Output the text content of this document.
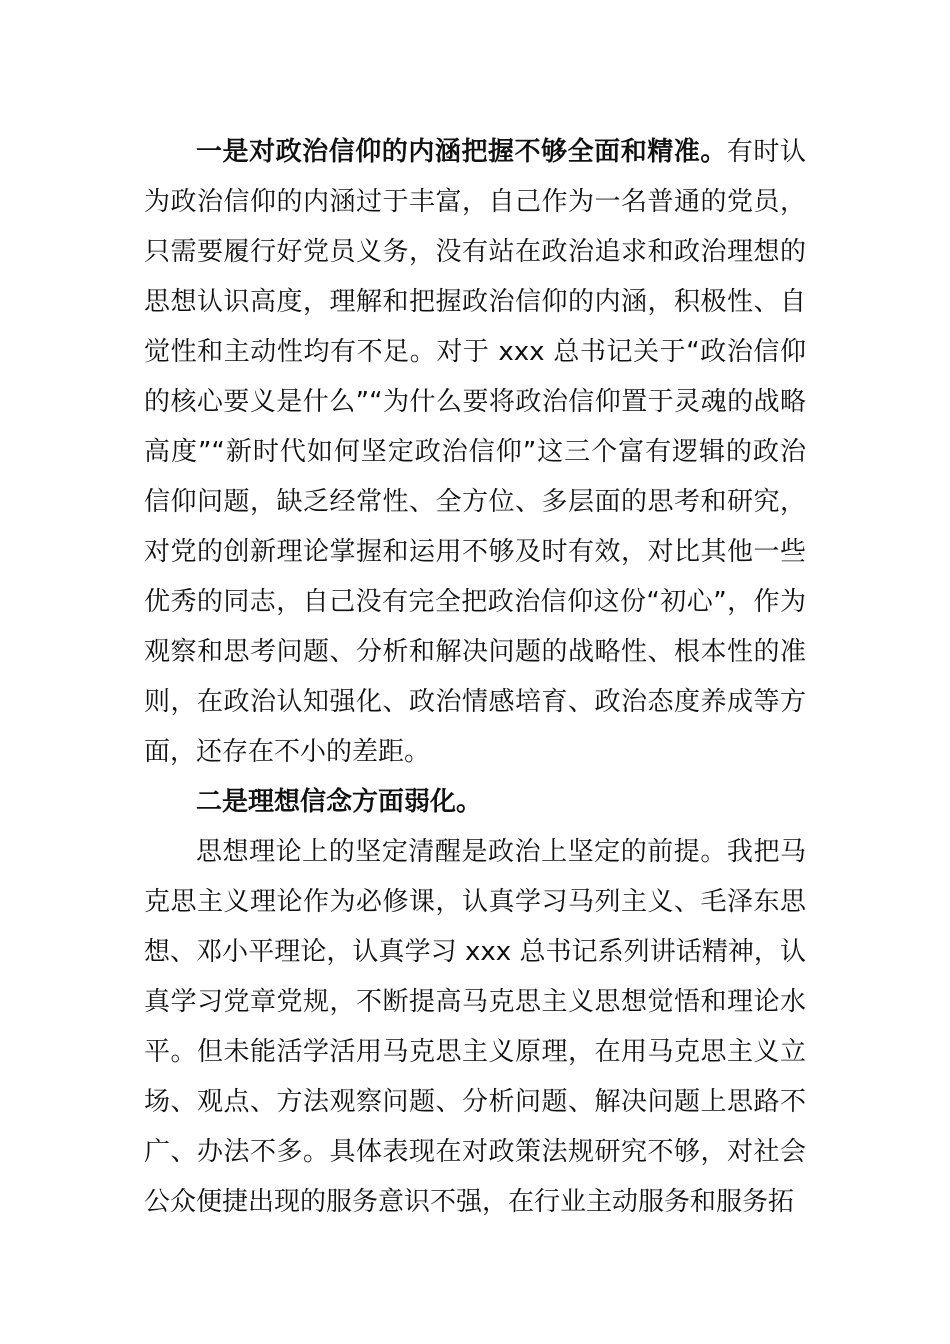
一是对政治信仰的内涵把握不够全面和精准。有时认为政治信仰的内涵过于丰富，自己作为一名普通的党员，只需要履行好党员义务，没有站在政治追求和政治理想的思想认识高度，理解和把握政治信仰的内涵，积极性、自觉性和主动性均有不足。对于 xxx 总书记关于“政治信仰的核心要义是什么”“为什么要将政治信仰置于灵魂的战略高度”“新时代如何坚定政治信仰”这三个富有逻辑的政治信仰问题，缺乏经常性、全方位、多层面的思考和研究，对党的创新理论掌握和运用不够及时有效，对比其他一些优秀的同志，自己没有完全把政治信仰这份“初心”，作为观察和思考问题、分析和解决问题的战略性、根本性的准则，在政治认知强化、政治情感培育、政治态度养成等方面，还存在不小的差距。

二是理想信念方面弱化。

思想理论上的坚定清醒是政治上坚定的前提。我把马克思主义理论作为必修课，认真学习马列主义、毛泽东思想、邓小平理论，认真学习 xxx 总书记系列讲话精神，认真学习党章党规，不断提高马克思主义思想觉悟和理论水平。但未能活学活用马克思主义原理，在用马克思主义立场、观点、方法观察问题、分析问题、解决问题上思路不广、办法不多。具体表现在对政策法规研究不够，对社会公众便捷出现的服务意识不强，在行业主动服务和服务拓
